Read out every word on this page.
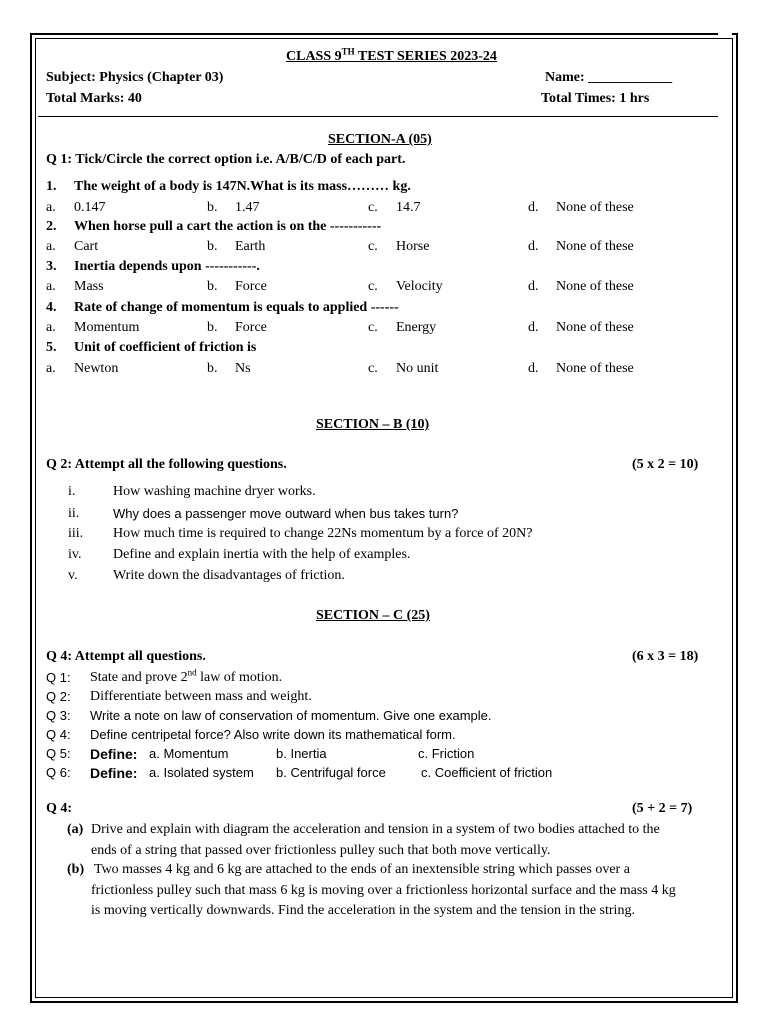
CLASS 9TH TEST SERIES 2023-24
Subject: Physics (Chapter 03)	Name: ____________
Total Marks: 40	Total Times: 1 hrs
SECTION-A (05)
Q 1: Tick/Circle the correct option i.e. A/B/C/D of each part.
1. The weight of a body is 147N.What is its mass……… kg.
a. 0.147	b. 1.47	c. 14.7	d. None of these
2. When horse pull a cart the action is on the -----------
a. Cart	b. Earth	c. Horse	d. None of these
3. Inertia depends upon -----------.
a. Mass	b. Force	c. Velocity	d. None of these
4. Rate of change of momentum is equals to applied ------
a. Momentum	b. Force	c. Energy	d. None of these
5. Unit of coefficient of friction is
a. Newton	b. Ns	c. No unit	d. None of these
SECTION – B (10)
Q 2: Attempt all the following questions.	(5 x 2 = 10)
i.	How washing machine dryer works.
ii.	Why does a passenger move outward when bus takes turn?
iii. How much time is required to change 22Ns momentum by a force of 20N?
iv. Define and explain inertia with the help of examples.
v.	Write down the disadvantages of friction.
SECTION – C (25)
Q 4: Attempt all questions.	(6 x 3 = 18)
Q 1: State and prove 2nd law of motion.
Q 2: Differentiate between mass and weight.
Q 3: Write a note on law of conservation of momentum. Give one example.
Q 4: Define centripetal force? Also write down its mathematical form.
Q 5: Define: a. Momentum	b. Inertia	c. Friction
Q 6: Define: a. Isolated system b. Centrifugal force	c. Coefficient of friction
Q 4:	(5 + 2 = 7)
(a) Drive and explain with diagram the acceleration and tension in a system of two bodies attached to the
ends of a string that passed over frictionless pulley such that both move vertically.
(b) Two masses 4 kg and 6 kg are attached to the ends of an inextensible string which passes over a
frictionless pulley such that mass 6 kg is moving over a frictionless horizontal surface and the mass 4 kg
is moving vertically downwards. Find the acceleration in the system and the tension in the string.
